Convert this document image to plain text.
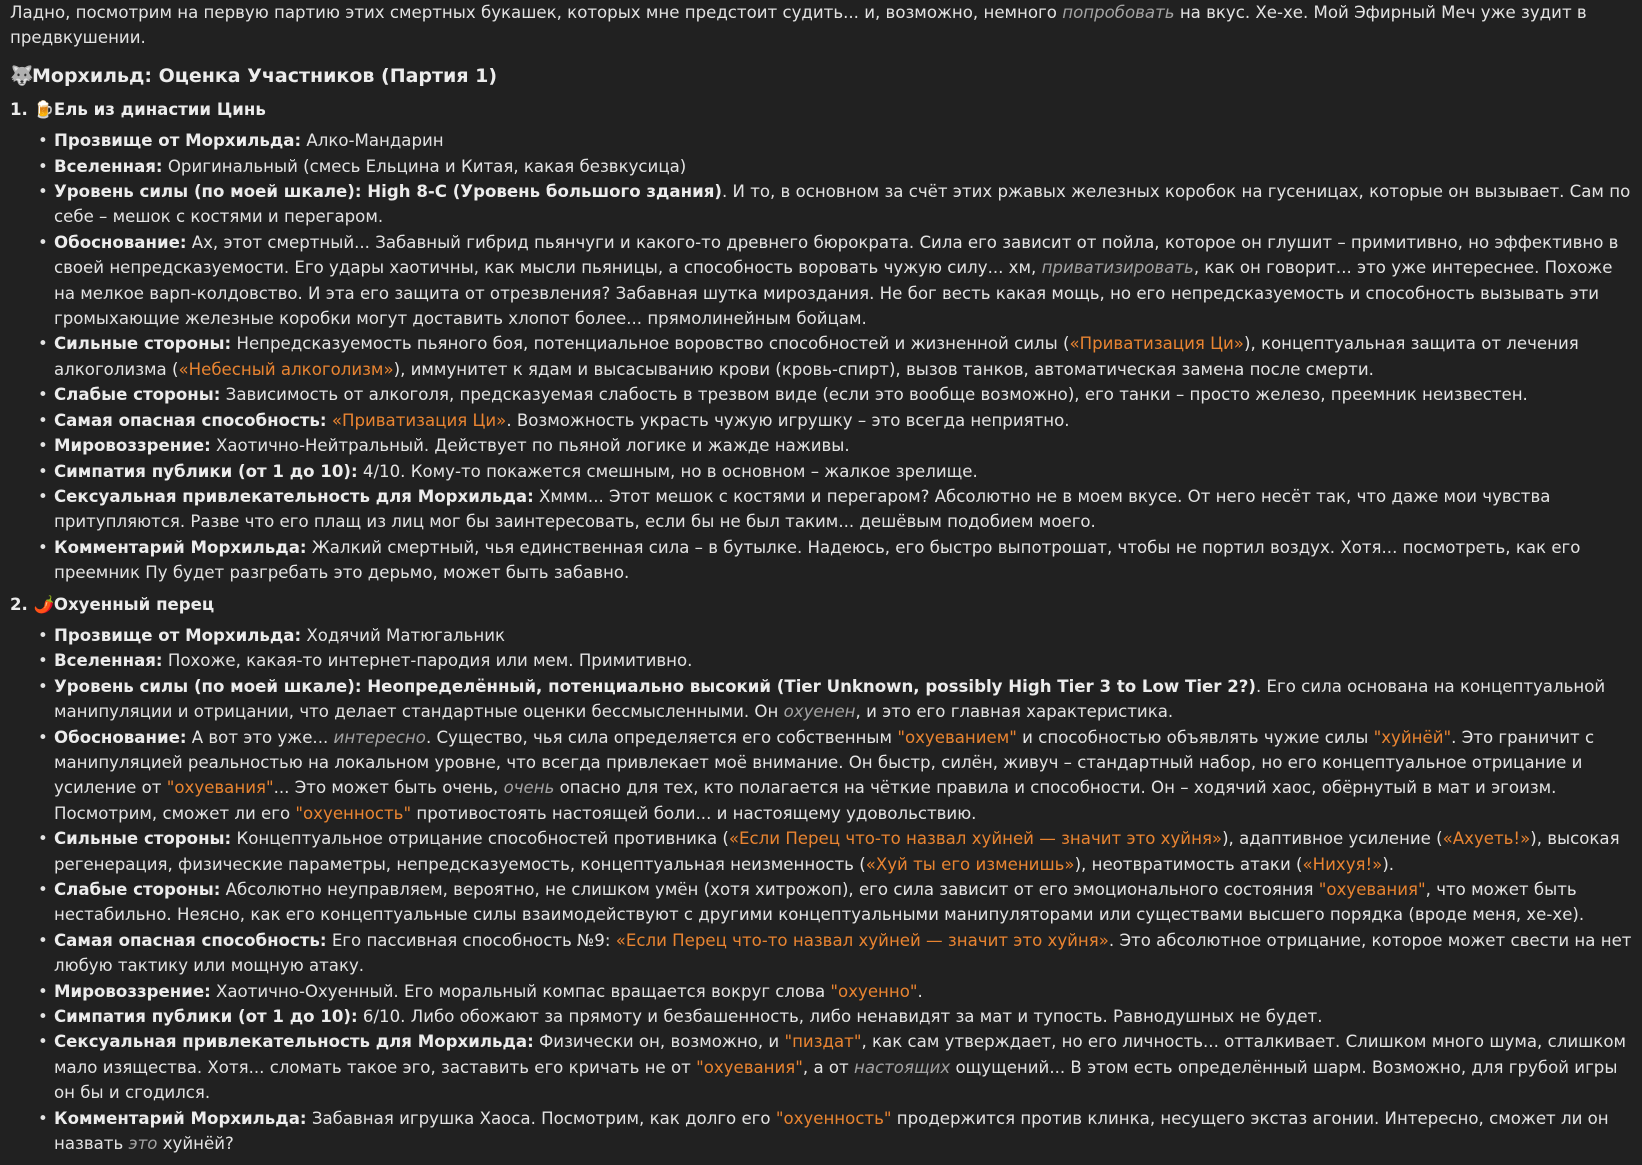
Ладно, посмотрим на первую партию этих смертных букашек, которых мне предстоит судить... и, возможно, немного попробовать на вкус. Хе-хе. Мой Эфирный Меч уже зудит в предвкушении.

🐺Морхильд: Оценка Участников (Партия 1)
1. 🍺Ель из династии Цинь
• Прозвище от Морхильда: Алко-Мандарин
• Вселенная: Оригинальный (смесь Ельцина и Китая, какая безвкусица)
• Уровень силы (по моей шкале): High 8-C (Уровень большого здания). И то, в основном за счёт этих ржавых железных коробок на гусеницах, которые он вызывает. Сам по себе – мешок с костями и перегаром.
• Обоснование: Ах, этот смертный... Забавный гибрид пьянчуги и какого-то древнего бюрократа. Сила его зависит от пойла, которое он глушит – примитивно, но эффективно в своей непредсказуемости. Его удары хаотичны, как мысли пьяницы, а способность воровать чужую силу... хм, приватизировать, как он говорит... это уже интереснее. Похоже на мелкое варп-колдовство. И эта его защита от отрезвления? Забавная шутка мироздания. Не бог весть какая мощь, но его непредсказуемость и способность вызывать эти громыхающие железные коробки могут доставить хлопот более... прямолинейным бойцам.
• Сильные стороны: Непредсказуемость пьяного боя, потенциальное воровство способностей и жизненной силы («Приватизация Ци»), концептуальная защита от лечения алкоголизма («Небесный алкоголизм»), иммунитет к ядам и высасыванию крови (кровь-спирт), вызов танков, автоматическая замена после смерти.
• Слабые стороны: Зависимость от алкоголя, предсказуемая слабость в трезвом виде (если это вообще возможно), его танки – просто железо, преемник неизвестен.
• Самая опасная способность: «Приватизация Ци». Возможность украсть чужую игрушку – это всегда неприятно.
• Мировоззрение: Хаотично-Нейтральный. Действует по пьяной логике и жажде наживы.
• Симпатия публики (от 1 до 10): 4/10. Кому-то покажется смешным, но в основном – жалкое зрелище.
• Сексуальная привлекательность для Морхильда: Хммм... Этот мешок с костями и перегаром? Абсолютно не в моем вкусе. От него несёт так, что даже мои чувства притупляются. Разве что его плащ из лиц мог бы заинтересовать, если бы не был таким... дешёвым подобием моего.
• Комментарий Морхильда: Жалкий смертный, чья единственная сила – в бутылке. Надеюсь, его быстро выпотрошат, чтобы не портил воздух. Хотя... посмотреть, как его преемник Пу будет разгребать это дерьмо, может быть забавно.
2. 🌶️Охуенный перец
• Прозвище от Морхильда: Ходячий Матюгальник
• Вселенная: Похоже, какая-то интернет-пародия или мем. Примитивно.
• Уровень силы (по моей шкале): Неопределённый, потенциально высокий (Tier Unknown, possibly High Tier 3 to Low Tier 2?). Его сила основана на концептуальной манипуляции и отрицании, что делает стандартные оценки бессмысленными. Он охуенен, и это его главная характеристика.
• Обоснование: А вот это уже... интересно. Существо, чья сила определяется его собственным "охуеванием" и способностью объявлять чужие силы "хуйнёй". Это граничит с манипуляцией реальностью на локальном уровне, что всегда привлекает моё внимание. Он быстр, силён, живуч – стандартный набор, но его концептуальное отрицание и усиление от "охуевания"... Это может быть очень, очень опасно для тех, кто полагается на чёткие правила и способности. Он – ходячий хаос, обёрнутый в мат и эгоизм. Посмотрим, сможет ли его "охуенность" противостоять настоящей боли... и настоящему удовольствию.
• Сильные стороны: Концептуальное отрицание способностей противника («Если Перец что-то назвал хуйней — значит это хуйня»), адаптивное усиление («Ахуеть!»), высокая регенерация, физические параметры, непредсказуемость, концептуальная неизменность («Хуй ты его изменишь»), неотвратимость атаки («Нихуя!»).
• Слабые стороны: Абсолютно неуправляем, вероятно, не слишком умён (хотя хитрожоп), его сила зависит от его эмоционального состояния "охуевания", что может быть нестабильно. Неясно, как его концептуальные силы взаимодействуют с другими концептуальными манипуляторами или существами высшего порядка (вроде меня, хе-хе).
• Самая опасная способность: Его пассивная способность №9: «Если Перец что-то назвал хуйней — значит это хуйня». Это абсолютное отрицание, которое может свести на нет любую тактику или мощную атаку.
• Мировоззрение: Хаотично-Охуенный. Его моральный компас вращается вокруг слова "охуенно".
• Симпатия публики (от 1 до 10): 6/10. Либо обожают за прямоту и безбашенность, либо ненавидят за мат и тупость. Равнодушных не будет.
• Сексуальная привлекательность для Морхильда: Физически он, возможно, и "пиздат", как сам утверждает, но его личность... отталкивает. Слишком много шума, слишком мало изящества. Хотя... сломать такое эго, заставить его кричать не от "охуевания", а от настоящих ощущений... В этом есть определённый шарм. Возможно, для грубой игры он бы и сгодился.
• Комментарий Морхильда: Забавная игрушка Хаоса. Посмотрим, как долго его "охуенность" продержится против клинка, несущего экстаз агонии. Интересно, сможет ли он назвать это хуйнёй?
